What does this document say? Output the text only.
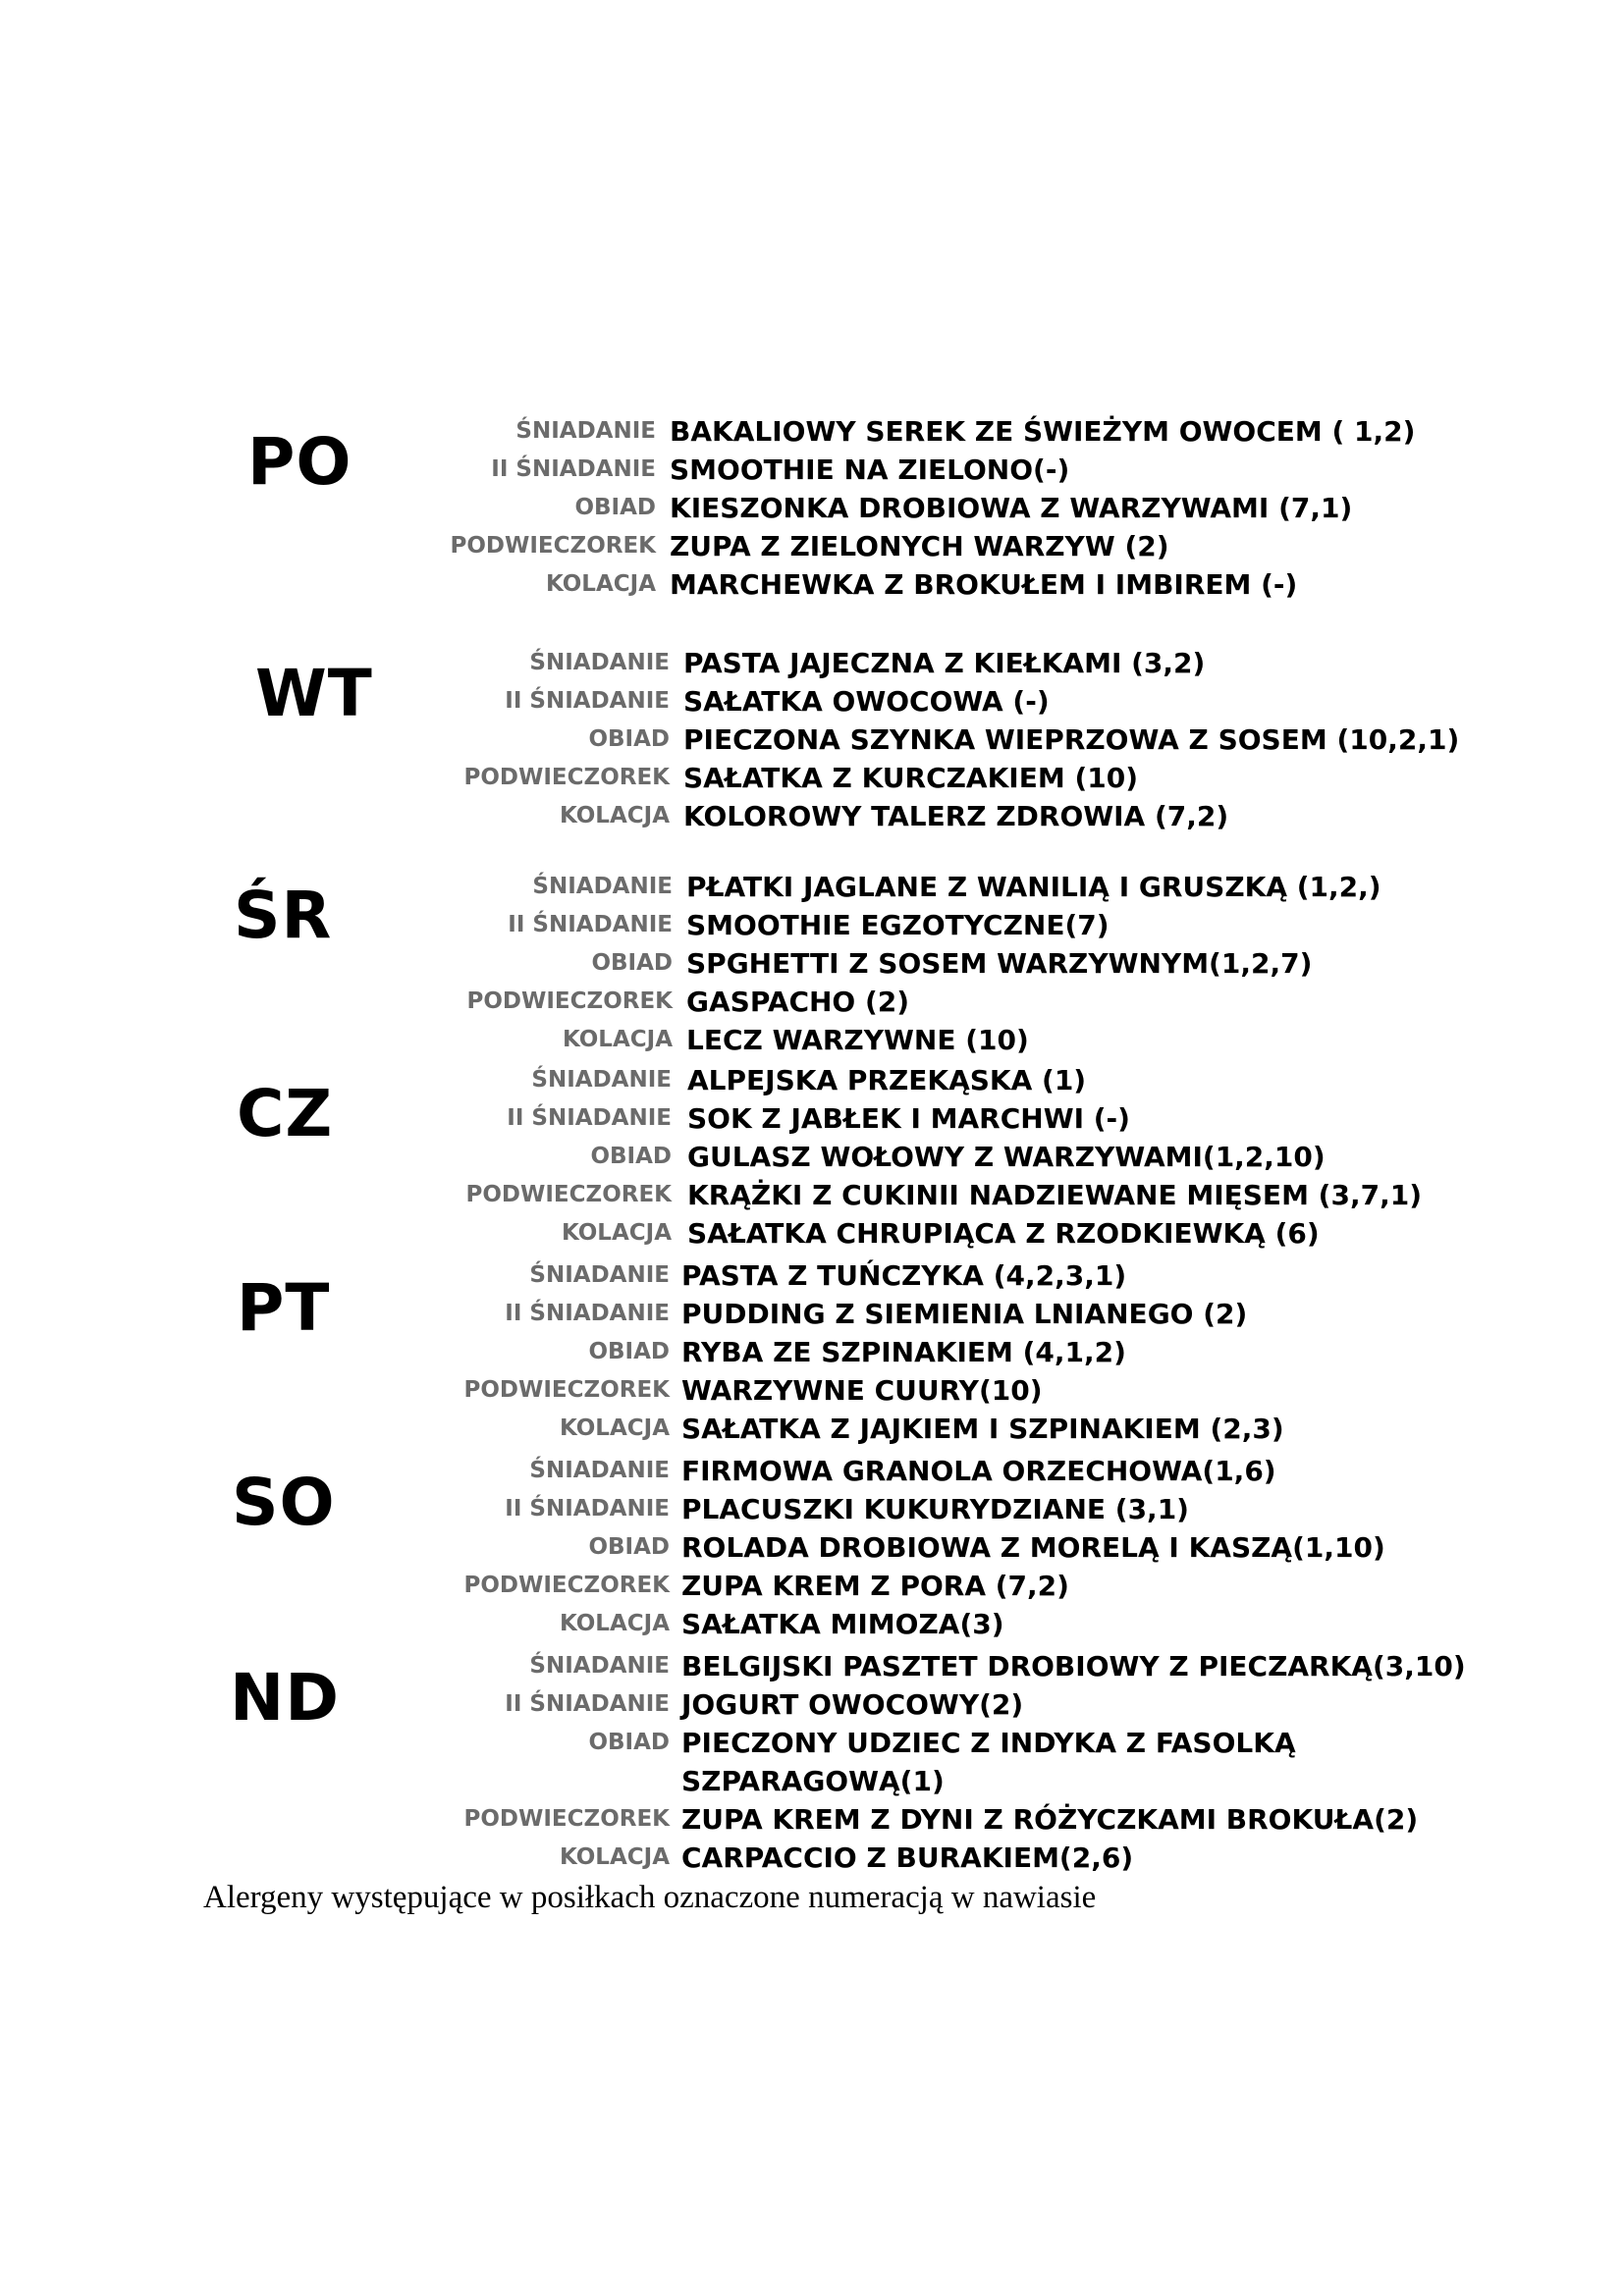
PO	ŚNIADANIE BAKALIOWY SEREK ZE ŚWIEŻYM OWOCEM ( 1,2)
II ŚNIADANIE SMOOTHIE NA ZIELONO(-)
OBIAD KIESZONKA DROBIOWA Z WARZYWAMI (7,1)
PODWIECZOREK ZUPA Z ZIELONYCH WARZYW (2)
KOLACJA MARCHEWKA Z BROKUŁEM I IMBIREM (-)
WT	ŚNIADANIE PASTA JAJECZNA Z KIEŁKAMI (3,2)
II ŚNIADANIE SAŁATKA OWOCOWA (-)
OBIAD PIECZONA SZYNKA WIEPRZOWA Z SOSEM (10,2,1)
PODWIECZOREK SAŁATKA Z KURCZAKIEM (10)
KOLACJA KOLOROWY TALERZ ZDROWIA (7,2)
ŚR	ŚNIADANIE PŁATKI JAGLANE Z WANILIĄ I GRUSZKĄ (1,2,)
II ŚNIADANIE SMOOTHIE EGZOTYCZNE(7)
OBIAD SPGHETTI Z SOSEM WARZYWNYM(1,2,7)
PODWIECZOREK GASPACHO (2)
KOLACJA LECZ WARZYWNE (10)
CZ	ŚNIADANIE ALPEJSKA PRZEKĄSKA (1)
II ŚNIADANIE SOK Z JABŁEK I MARCHWI (-)
OBIAD GULASZ WOŁOWY Z WARZYWAMI(1,2,10)
PODWIECZOREK KRĄŻKI Z CUKINII NADZIEWANE MIĘSEM (3,7,1)
KOLACJA SAŁATKA CHRUPIĄCA Z RZODKIEWKĄ (6)
PT	ŚNIADANIE PASTA Z TUŃCZYKA (4,2,3,1)
II ŚNIADANIE PUDDING Z SIEMIENIA LNIANEGO (2)
OBIAD RYBA ZE SZPINAKIEM (4,1,2)
PODWIECZOREK WARZYWNE CUURY(10)
KOLACJA SAŁATKA Z JAJKIEM I SZPINAKIEM (2,3)
SO	ŚNIADANIE FIRMOWA GRANOLA ORZECHOWA(1,6)
II ŚNIADANIE PLACUSZKI KUKURYDZIANE (3,1)
OBIAD ROLADA DROBIOWA Z MORELĄ I KASZĄ(1,10)
PODWIECZOREK ZUPA KREM Z PORA (7,2)
KOLACJA SAŁATKA MIMOZA(3)
ND	ŚNIADANIE BELGIJSKI PASZTET DROBIOWY Z PIECZARKĄ(3,10)
II ŚNIADANIE JOGURT OWOCOWY(2)
OBIAD PIECZONY UDZIEC Z INDYKA Z FASOLKĄ
SZPARAGOWĄ(1)
PODWIECZOREK ZUPA KREM Z DYNI Z RÓŻYCZKAMI BROKUŁA(2)
KOLACJA CARPACCIO Z BURAKIEM(2,6)
Alergeny występujące w posiłkach oznaczone numeracją w nawiasie
